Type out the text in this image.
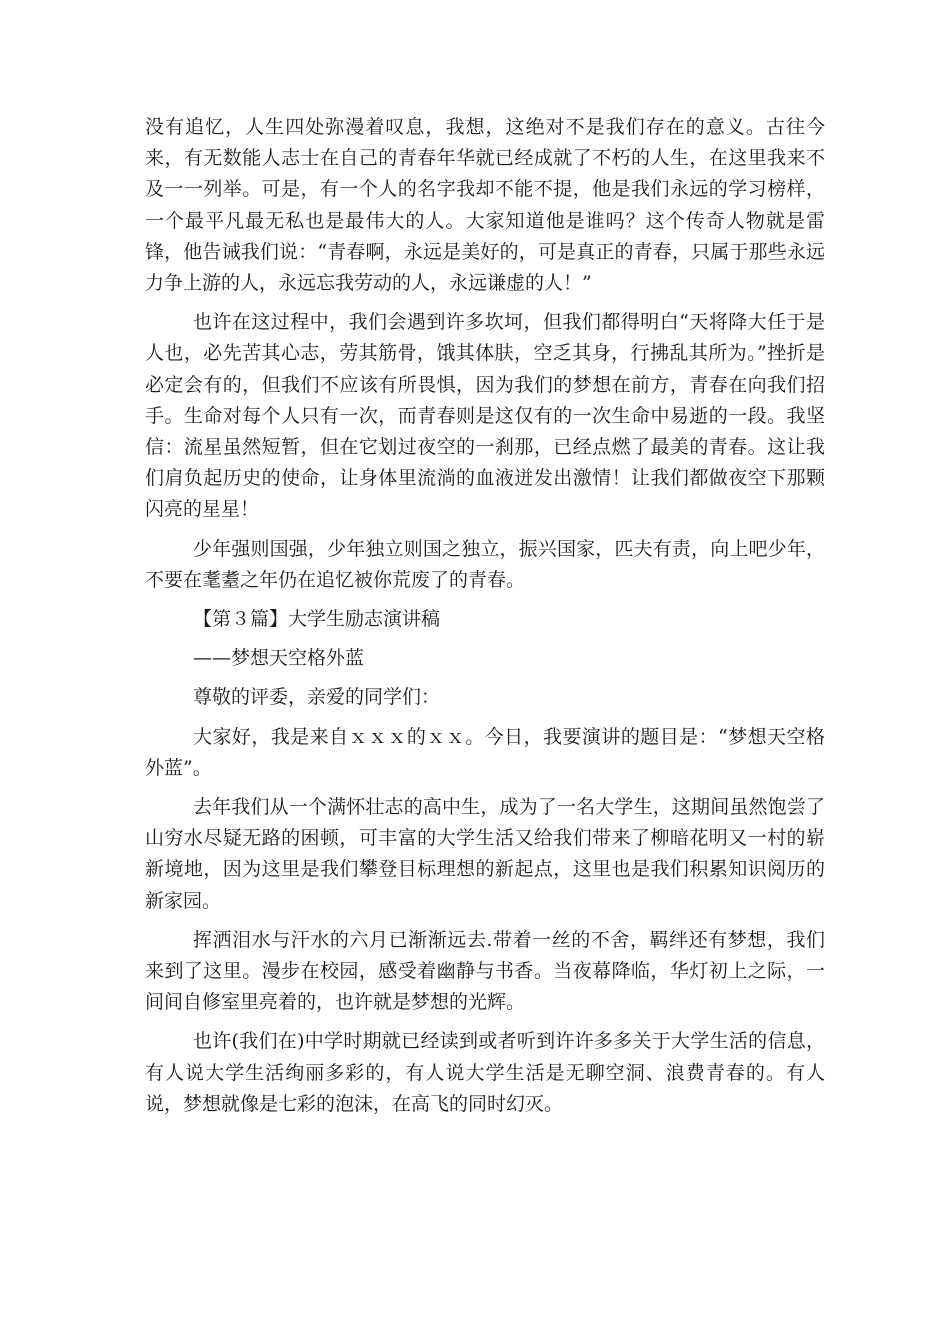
没有追忆，人生四处弥漫着叹息，我想，这绝对不是我们存在的意义。古往今来，有无数能人志士在自己的青春年华就已经成就了不朽的人生，在这里我来不及一一列举。可是，有一个人的名字我却不能不提，他是我们永远的学习榜样，一个最平凡最无私也是最伟大的人。大家知道他是谁吗？这个传奇人物就是雷锋，他告诫我们说：“青春啊，永远是美好的，可是真正的青春，只属于那些永远力争上游的人，永远忘我劳动的人，永远谦虚的人！”

也许在这过程中，我们会遇到许多坎坷，但我们都得明白“天将降大任于是人也，必先苦其心志，劳其筋骨，饿其体肤，空乏其身，行拂乱其所为。”挫折是必定会有的，但我们不应该有所畏惧，因为我们的梦想在前方，青春在向我们招手。生命对每个人只有一次，而青春则是这仅有的一次生命中易逝的一段。我坚信：流星虽然短暂，但在它划过夜空的一刹那，已经点燃了最美的青春。这让我们肩负起历史的使命，让身体里流淌的血液迸发出激情！让我们都做夜空下那颗闪亮的星星！

少年强则国强，少年独立则国之独立，振兴国家，匹夫有责，向上吧少年，不要在耄耋之年仍在追忆被你荒废了的青春。

【第３篇】大学生励志演讲稿

——梦想天空格外蓝

尊敬的评委，亲爱的同学们：

大家好，我是来自ｘｘｘ的ｘｘ。今日，我要演讲的题目是：“梦想天空格外蓝”。

去年我们从一个满怀壮志的高中生，成为了一名大学生，这期间虽然饱尝了山穷水尽疑无路的困顿，可丰富的大学生活又给我们带来了柳暗花明又一村的崭新境地，因为这里是我们攀登目标理想的新起点，这里也是我们积累知识阅历的新家园。

挥洒泪水与汗水的六月已渐渐远去.带着一丝的不舍，羁绊还有梦想，我们来到了这里。漫步在校园，感受着幽静与书香。当夜幕降临，华灯初上之际，一间间自修室里亮着的，也许就是梦想的光辉。

也许(我们在)中学时期就已经读到或者听到许许多多关于大学生活的信息，有人说大学生活绚丽多彩的，有人说大学生活是无聊空洞、浪费青春的。有人说，梦想就像是七彩的泡沫，在高飞的同时幻灭。
